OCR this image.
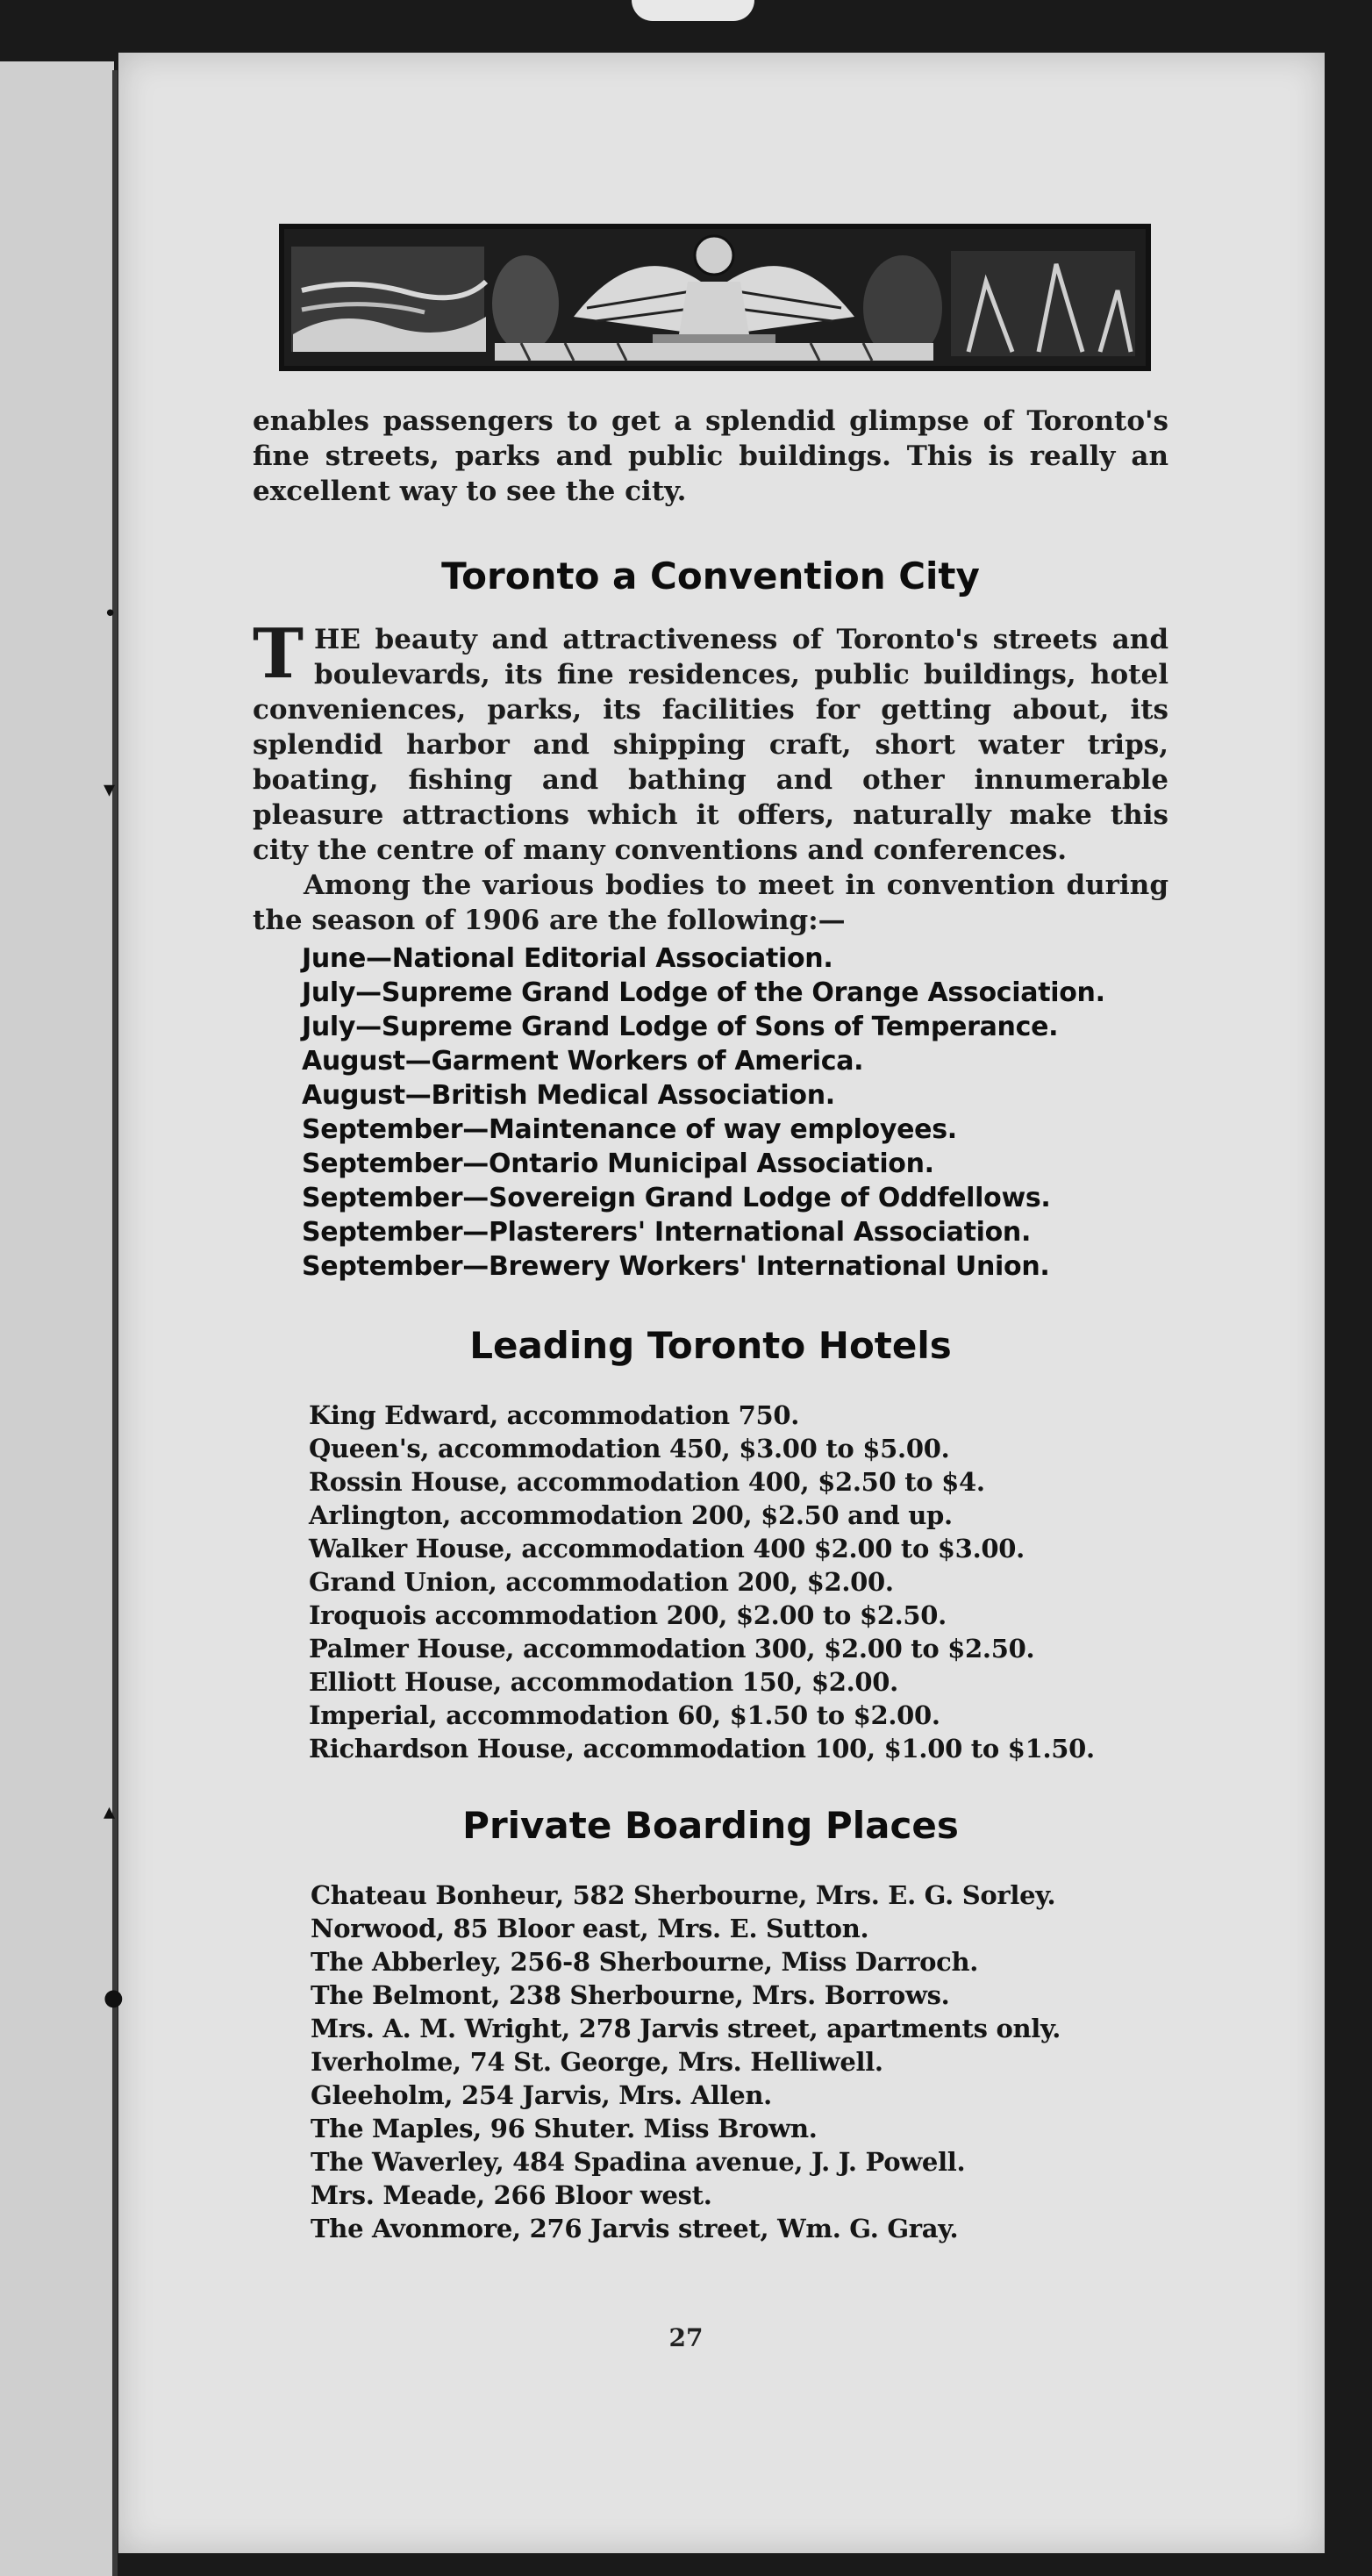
•
▾
▴
●

enables passengers to get a splendid glimpse of Toronto's fine streets, parks and public buildings. This is really an excellent way to see the city.

Toronto a Convention City

THE beauty and attractiveness of Toronto's streets and boulevards, its fine residences, public buildings, hotel conveniences, parks, its facilities for getting about, its splendid harbor and shipping craft, short water trips, boating, fishing and bathing and other innumerable pleasure attractions which it offers, naturally make this city the centre of many conventions and conferences.

Among the various bodies to meet in convention during the season of 1906 are the following:—

June—National Editorial Association.
July—Supreme Grand Lodge of the Orange Association.
July—Supreme Grand Lodge of Sons of Temperance.
August—Garment Workers of America.
August—British Medical Association.
September—Maintenance of way employees.
September—Ontario Municipal Association.
September—Sovereign Grand Lodge of Oddfellows.
September—Plasterers' International Association.
September—Brewery Workers' International Union.
Leading Toronto Hotels
King Edward, accommodation 750.
Queen's, accommodation 450, $3.00 to $5.00.
Rossin House, accommodation 400, $2.50 to $4.
Arlington, accommodation 200, $2.50 and up.
Walker House, accommodation 400 $2.00 to $3.00.
Grand Union, accommodation 200, $2.00.
Iroquois accommodation 200, $2.00 to $2.50.
Palmer House, accommodation 300, $2.00 to $2.50.
Elliott House, accommodation 150, $2.00.
Imperial, accommodation 60, $1.50 to $2.00.
Richardson House, accommodation 100, $1.00 to $1.50.
Private Boarding Places
Chateau Bonheur, 582 Sherbourne, Mrs. E. G. Sorley.
Norwood, 85 Bloor east, Mrs. E. Sutton.
The Abberley, 256-8 Sherbourne, Miss Darroch.
The Belmont, 238 Sherbourne, Mrs. Borrows.
Mrs. A. M. Wright, 278 Jarvis street, apartments only.
Iverholme, 74 St. George, Mrs. Helliwell.
Gleeholm, 254 Jarvis, Mrs. Allen.
The Maples, 96 Shuter. Miss Brown.
The Waverley, 484 Spadina avenue, J. J. Powell.
Mrs. Meade, 266 Bloor west.
The Avonmore, 276 Jarvis street, Wm. G. Gray.
27
